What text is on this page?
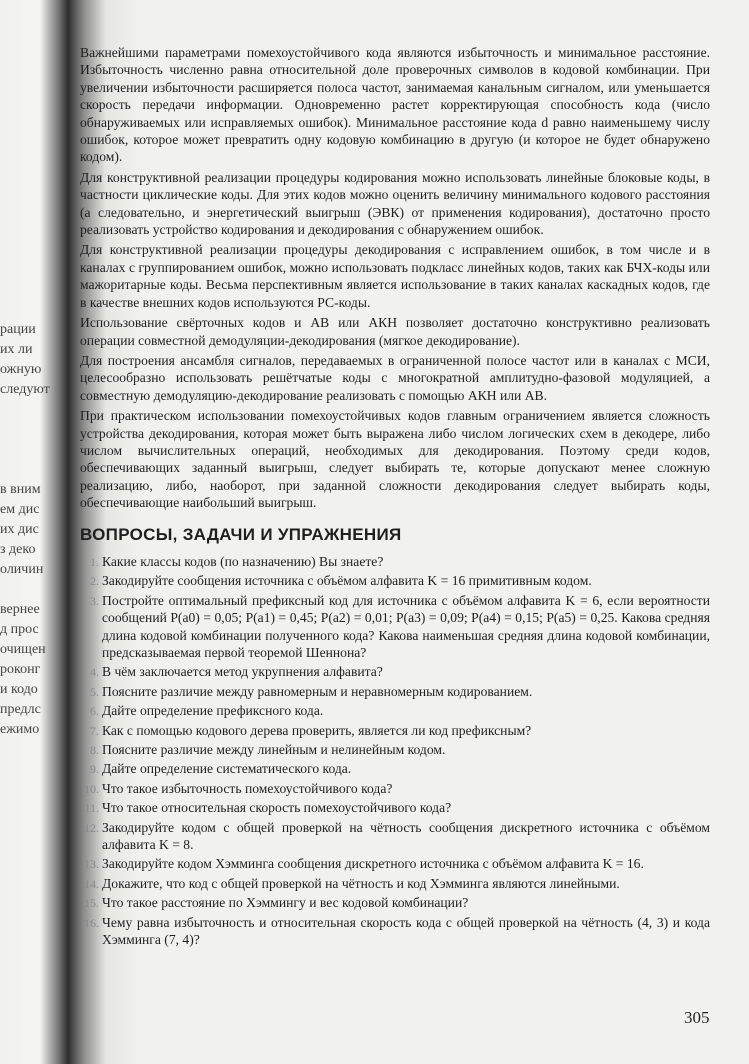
рации
их ли
ожную
следуют
в вним
ем дис
их дис
з деко
оличин
вернее
д прос
очищен
роконг
и кодо
предлс
ежимо

Важнейшими параметрами помехоустойчивого кода являются избыточность и минимальное расстояние. Избыточность численно равна относительной доле проверочных символов в кодовой комбинации. При увеличении избыточности расширяется полоса частот, занимаемая канальным сигналом, или уменьшается скорость передачи информации. Одновременно растет корректирующая способность кода (число обнаруживаемых или исправляемых ошибок). Минимальное расстояние кода d равно наименьшему числу ошибок, которое может превратить одну кодовую комбинацию в другую (и которое не будет обнаружено кодом).

Для конструктивной реализации процедуры кодирования можно использовать линейные блоковые коды, в частности циклические коды. Для этих кодов можно оценить величину минимального кодового расстояния (а следовательно, и энергетический выигрыш (ЭВК) от применения кодирования), достаточно просто реализовать устройство кодирования и декодирования с обнаружением ошибок.

Для конструктивной реализации процедуры декодирования с исправлением ошибок, в том числе и в каналах с группированием ошибок, можно использовать подкласс линейных кодов, таких как БЧХ-коды или мажоритарные коды. Весьма перспективным является использование в таких каналах каскадных кодов, где в качестве внешних кодов используются РС-коды.

Использование свёрточных кодов и АВ или АКН позволяет достаточно конструктивно реализовать операции совместной демодуляции-декодирования (мягкое декодирование).

Для построения ансамбля сигналов, передаваемых в ограниченной полосе частот или в каналах с МСИ, целесообразно использовать решётчатые коды с многократной амплитудно-фазовой модуляцией, а совместную демодуляцию-декодирование реализовать с помощью АКН или АВ.

При практическом использовании помехоустойчивых кодов главным ограничением является сложность устройства декодирования, которая может быть выражена либо числом логических схем в декодере, либо числом вычислительных операций, необходимых для декодирования. Поэтому среди кодов, обеспечивающих заданный выигрыш, следует выбирать те, которые допускают менее сложную реализацию, либо, наоборот, при заданной сложности декодирования следует выбирать коды, обеспечивающие наибольший выигрыш.

ВОПРОСЫ, ЗАДАЧИ И УПРАЖНЕНИЯ
1. Какие классы кодов (по назначению) Вы знаете?
2. Закодируйте сообщения источника с объёмом алфавита K = 16 примитивным кодом.
3. Постройте оптимальный префиксный код для источника с объёмом алфавита K = 6, если вероятности сообщений P(a0) = 0,05; P(a1) = 0,45; P(a2) = 0,01; P(a3) = 0,09; P(a4) = 0,15; P(a5) = 0,25. Какова средняя длина кодовой комбинации полученного кода? Какова наименьшая средняя длина кодовой комбинации, предсказываемая первой теоремой Шеннона?
4. В чём заключается метод укрупнения алфавита?
5. Поясните различие между равномерным и неравномерным кодированием.
6. Дайте определение префиксного кода.
7. Как с помощью кодового дерева проверить, является ли код префиксным?
8. Поясните различие между линейным и нелинейным кодом.
9. Дайте определение систематического кода.
10. Что такое избыточность помехоустойчивого кода?
11. Что такое относительная скорость помехоустойчивого кода?
12. Закодируйте кодом с общей проверкой на чётность сообщения дискретного источника с объёмом алфавита K = 8.
13. Закодируйте кодом Хэмминга сообщения дискретного источника с объёмом алфавита K = 16.
14. Докажите, что код с общей проверкой на чётность и код Хэмминга являются линейными.
15. Что такое расстояние по Хэммингу и вес кодовой комбинации?
16. Чему равна избыточность и относительная скорость кода с общей проверкой на чётность (4, 3) и кода Хэмминга (7, 4)?
305
